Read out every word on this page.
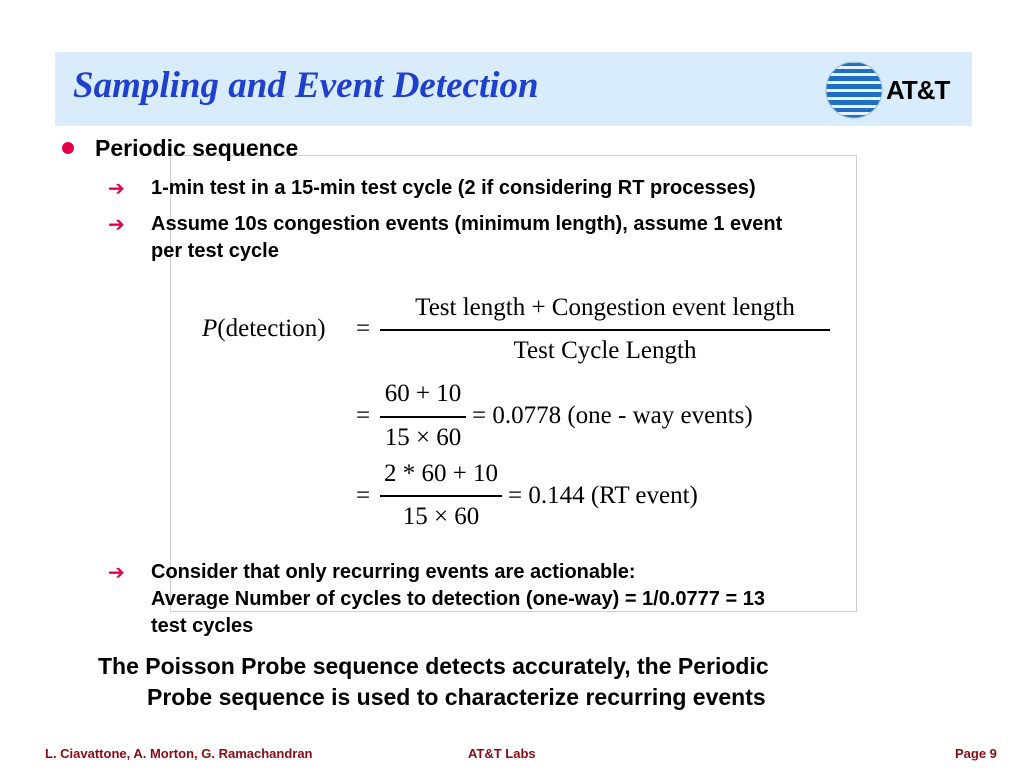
Sampling and Event Detection	AT&T
Periodic sequence
➔ 1-min test in a 15-min test cycle (2 if considering RT processes)
➔ Assume 10s congestion events (minimum length), assume 1 event
per test cycle
P(detection) =
Test length + Congestion event length
Test Cycle Length
=
60 + 10
15 × 60
= 0.0778 (one - way events)
=
2 * 60 + 10
15 × 60
= 0.144 (RT event)
➔ Consider that only recurring events are actionable:
Average Number of cycles to detection (one-way) = 1/0.0777 = 13
test cycles
The Poisson Probe sequence detects accurately, the Periodic
Probe sequence is used to characterize recurring events
L. Ciavattone, A. Morton, G. Ramachandran	AT&T Labs	Page 9
